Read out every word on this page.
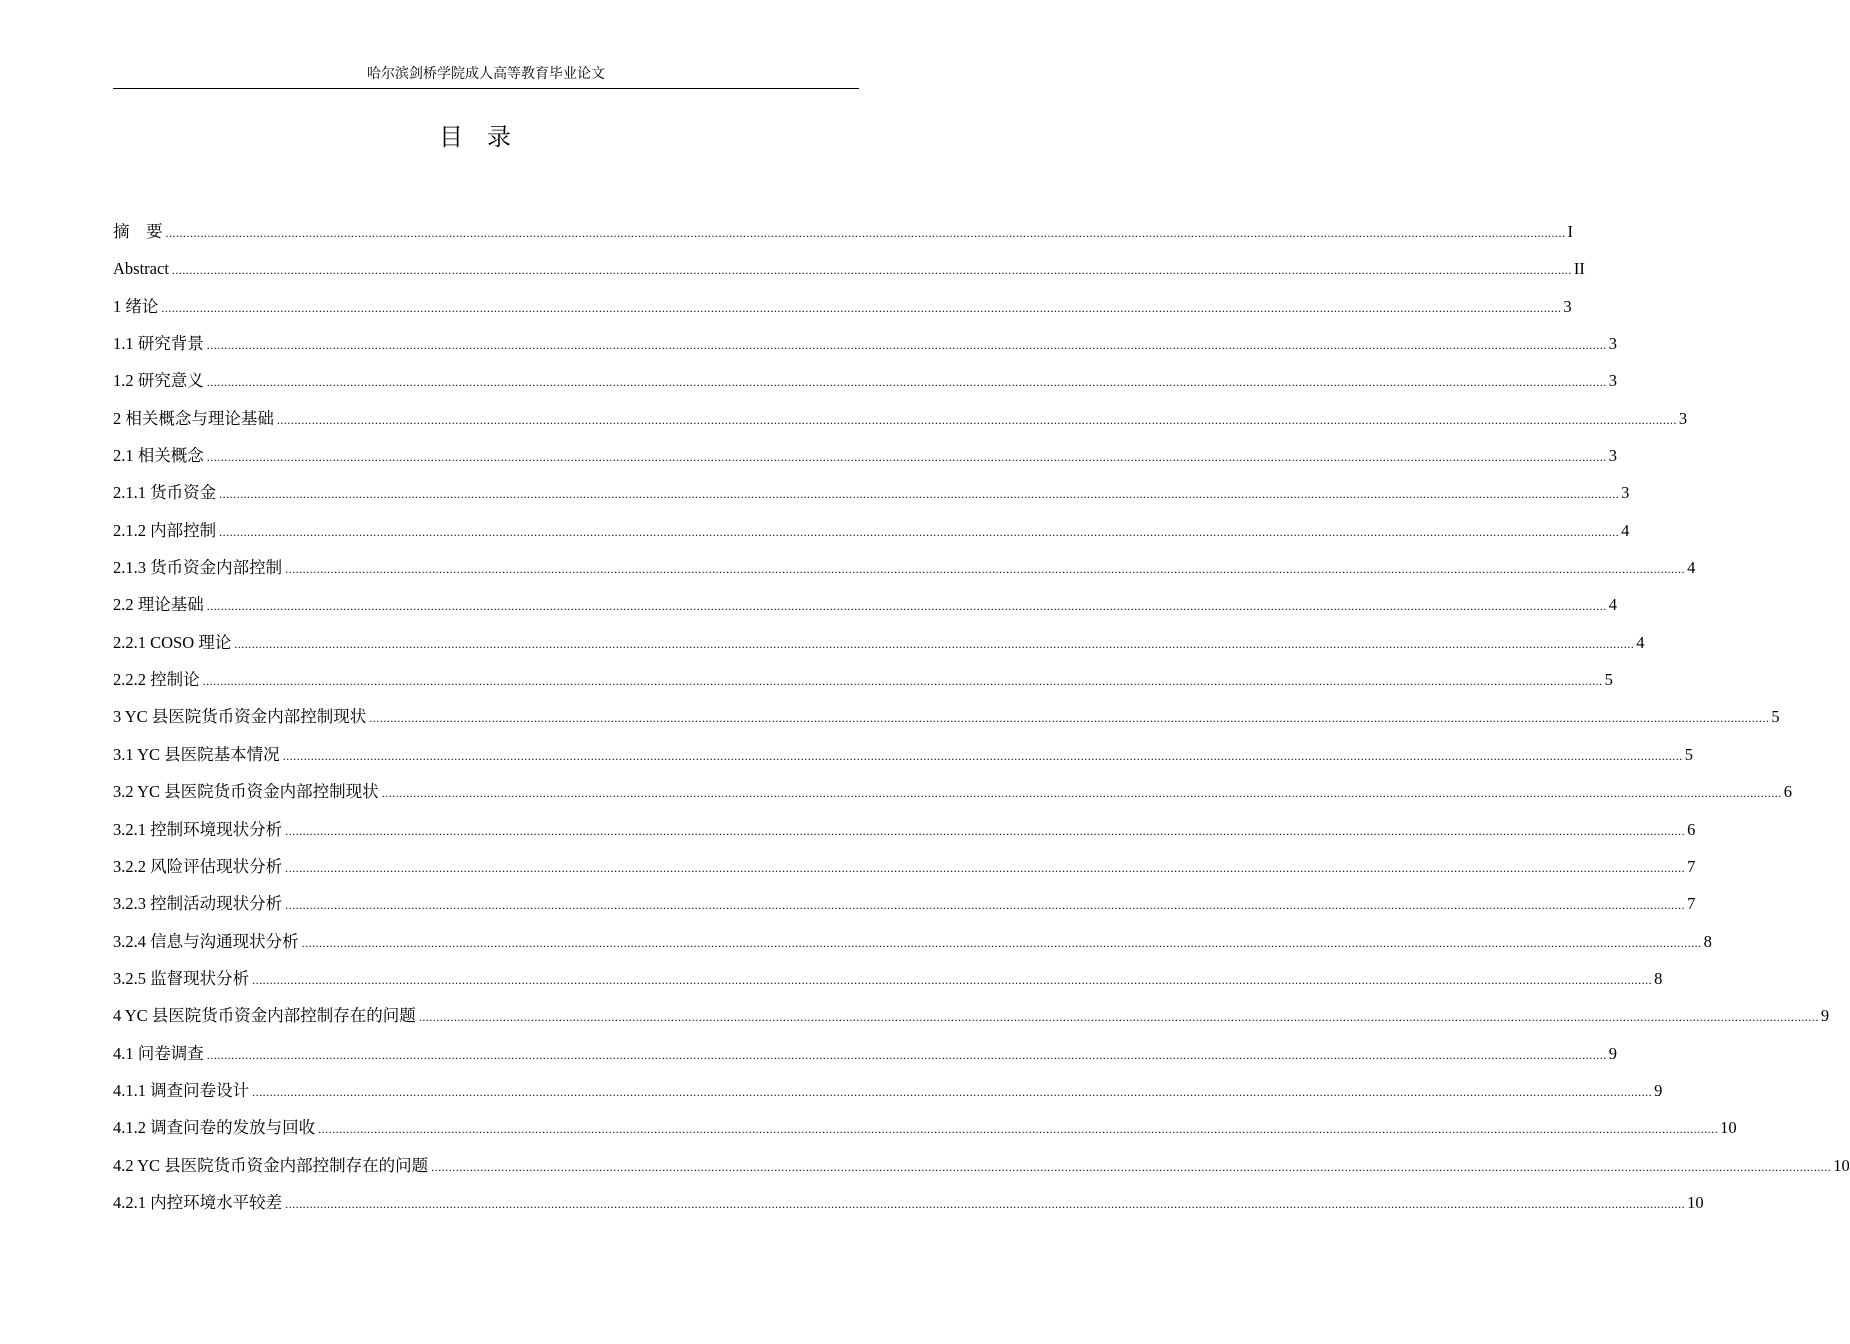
哈尔滨剑桥学院成人高等教育毕业论文
目录
摘　要 ................................................................................................................................................................................................................................................................................................................................................................................................................ I
Abstract ................................................................................................................................................................................................................................................................................................................................................................................................................ II
1 绪论 ................................................................................................................................................................................................................................................................................................................................................................................................................ 3
1.1 研究背景 ................................................................................................................................................................................................................................................................................................................................................................................................................ 3
1.2 研究意义 ................................................................................................................................................................................................................................................................................................................................................................................................................ 3
2 相关概念与理论基础 ................................................................................................................................................................................................................................................................................................................................................................................................................ 3
2.1 相关概念 ................................................................................................................................................................................................................................................................................................................................................................................................................ 3
2.1.1 货币资金 ................................................................................................................................................................................................................................................................................................................................................................................................................ 3
2.1.2 内部控制 ................................................................................................................................................................................................................................................................................................................................................................................................................ 4
2.1.3 货币资金内部控制 ................................................................................................................................................................................................................................................................................................................................................................................................................ 4
2.2 理论基础 ................................................................................................................................................................................................................................................................................................................................................................................................................ 4
2.2.1 COSO 理论 ................................................................................................................................................................................................................................................................................................................................................................................................................ 4
2.2.2 控制论 ................................................................................................................................................................................................................................................................................................................................................................................................................ 5
3 YC 县医院货币资金内部控制现状 ................................................................................................................................................................................................................................................................................................................................................................................................................ 5
3.1 YC 县医院基本情况 ................................................................................................................................................................................................................................................................................................................................................................................................................ 5
3.2 YC 县医院货币资金内部控制现状 ................................................................................................................................................................................................................................................................................................................................................................................................................ 6
3.2.1 控制环境现状分析 ................................................................................................................................................................................................................................................................................................................................................................................................................ 6
3.2.2 风险评估现状分析 ................................................................................................................................................................................................................................................................................................................................................................................................................ 7
3.2.3 控制活动现状分析 ................................................................................................................................................................................................................................................................................................................................................................................................................ 7
3.2.4 信息与沟通现状分析 ................................................................................................................................................................................................................................................................................................................................................................................................................ 8
3.2.5 监督现状分析 ................................................................................................................................................................................................................................................................................................................................................................................................................ 8
4 YC 县医院货币资金内部控制存在的问题 ................................................................................................................................................................................................................................................................................................................................................................................................................ 9
4.1 问卷调查 ................................................................................................................................................................................................................................................................................................................................................................................................................ 9
4.1.1 调查问卷设计 ................................................................................................................................................................................................................................................................................................................................................................................................................ 9
4.1.2 调查问卷的发放与回收 ................................................................................................................................................................................................................................................................................................................................................................................................................ 10
4.2 YC 县医院货币资金内部控制存在的问题 ................................................................................................................................................................................................................................................................................................................................................................................................................ 10
4.2.1 内控环境水平较差 ................................................................................................................................................................................................................................................................................................................................................................................................................ 10
